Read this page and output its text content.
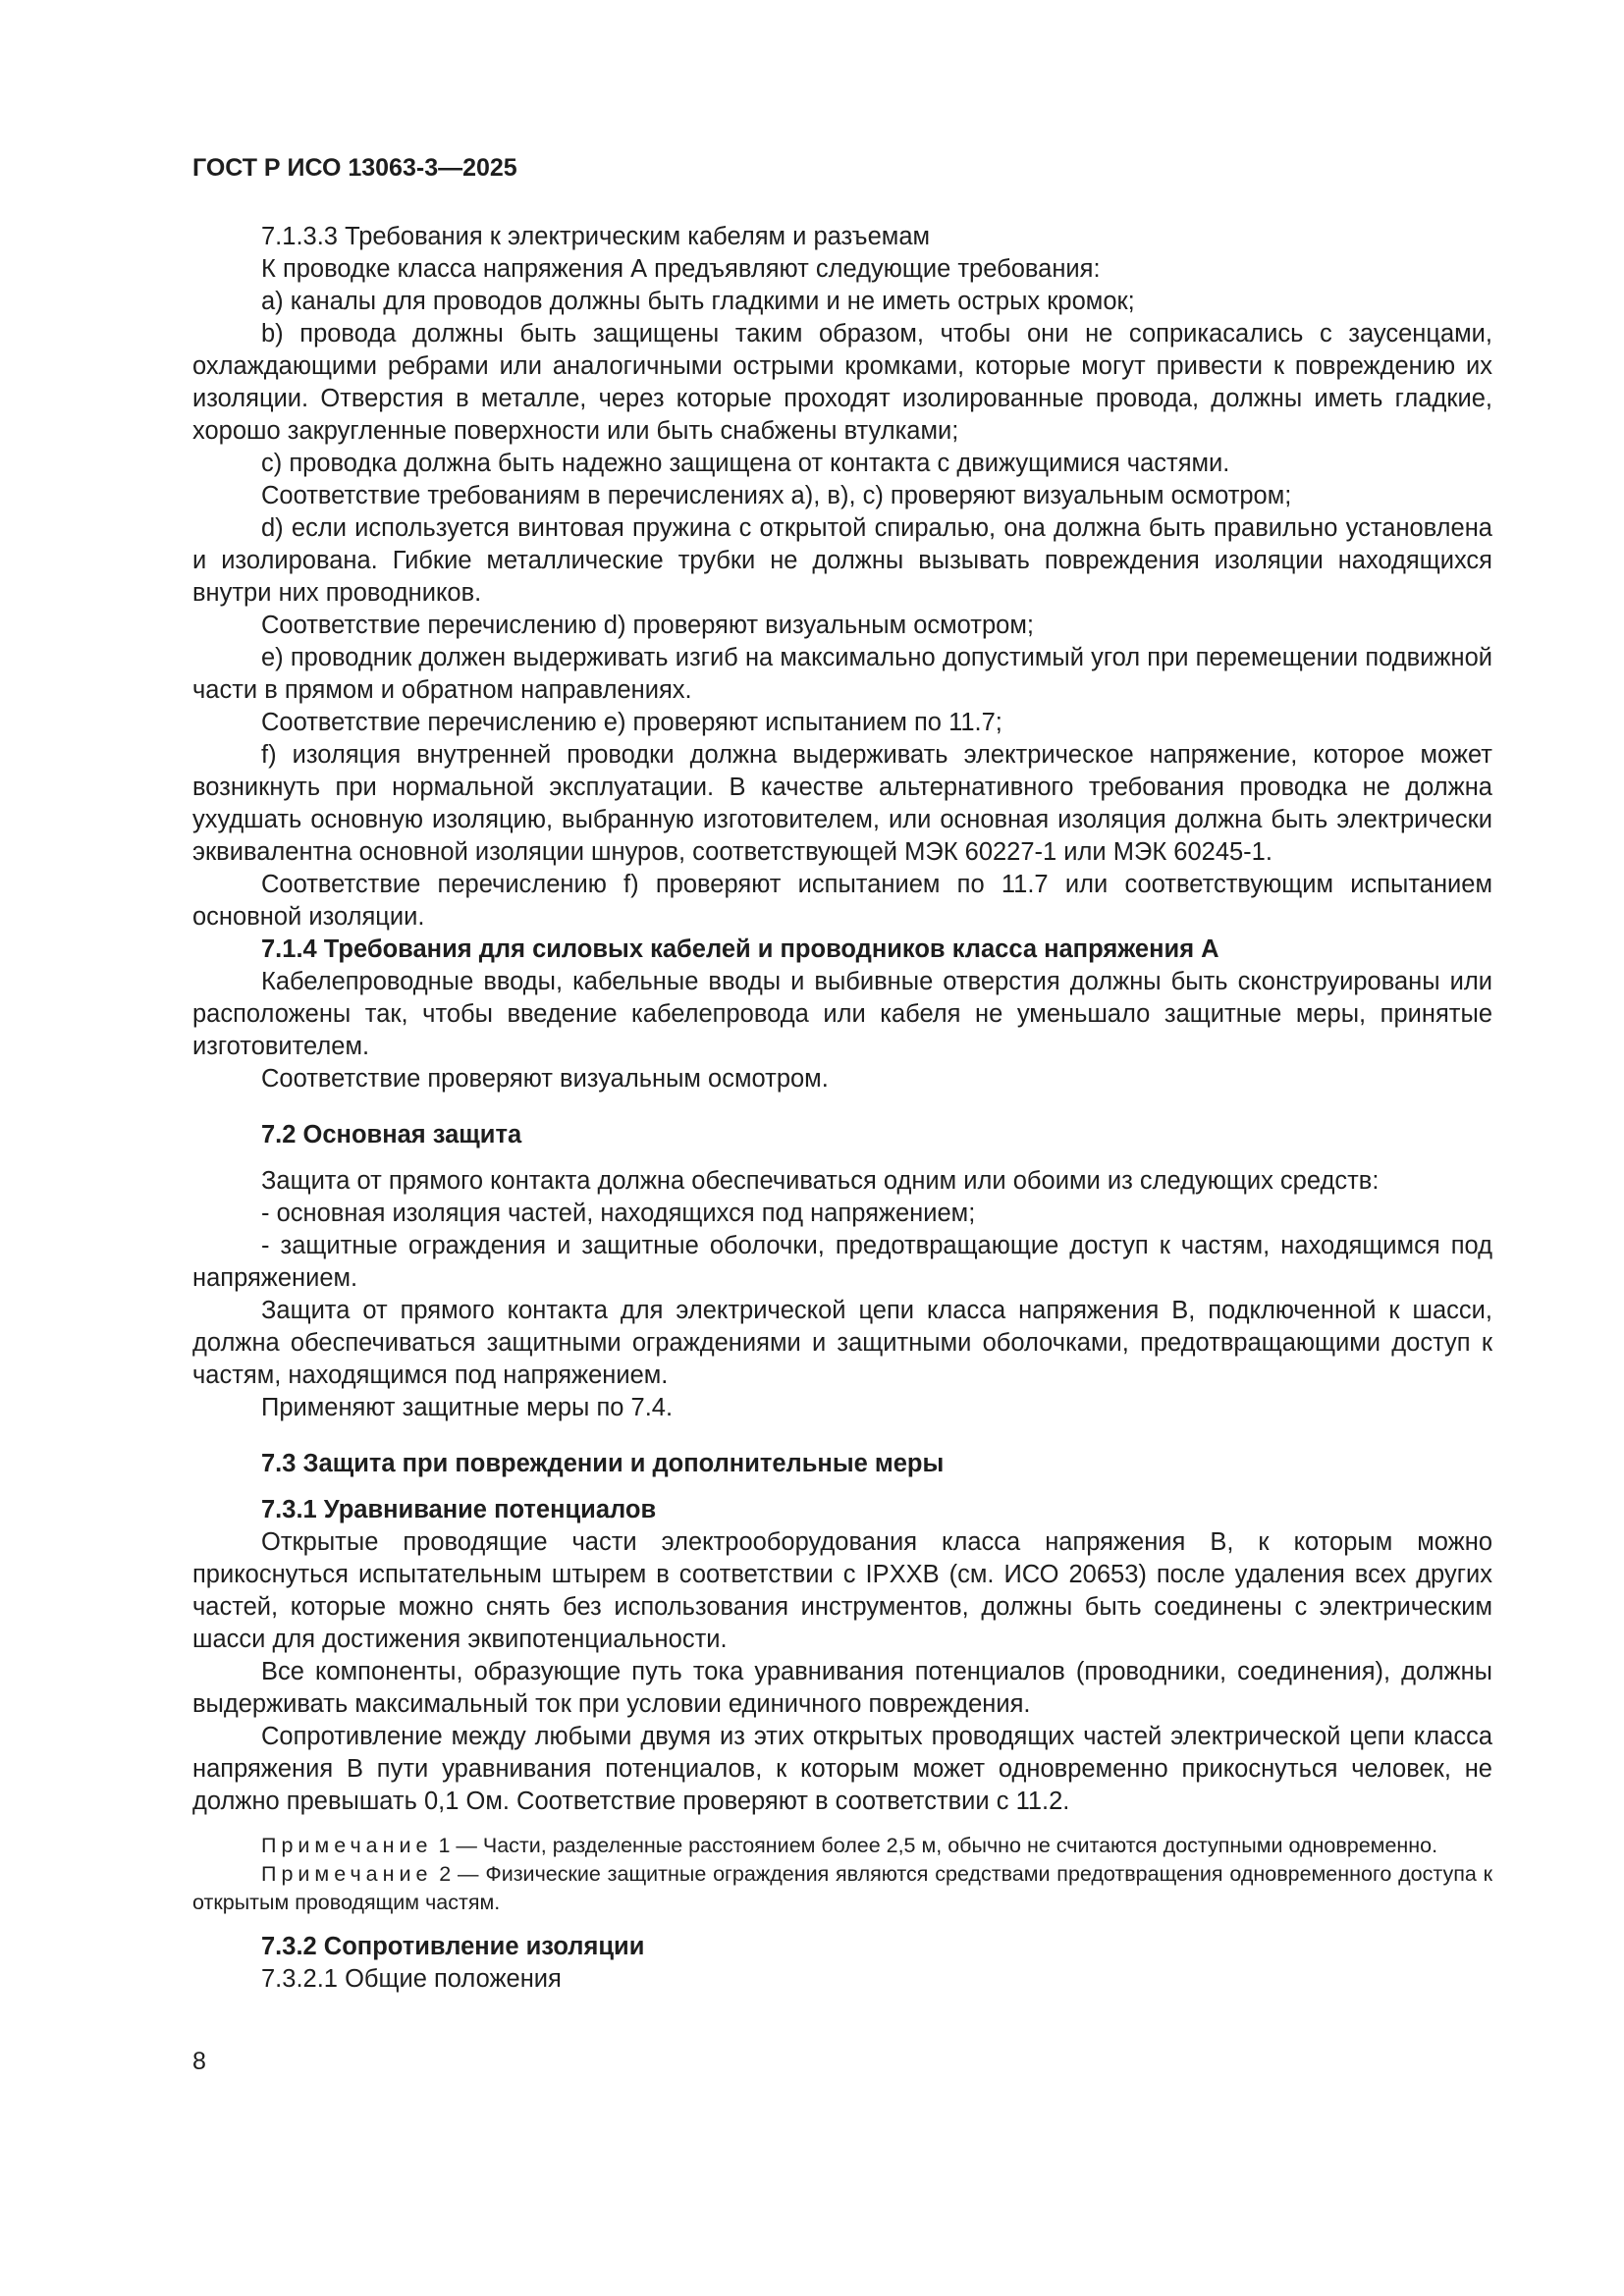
ГОСТ Р ИСО 13063-3—2025

7.1.3.3 Требования к электрическим кабелям и разъемам

К проводке класса напряжения А предъявляют следующие требования:

a) каналы для проводов должны быть гладкими и не иметь острых кромок;

b) провода должны быть защищены таким образом, чтобы они не соприкасались с заусенцами, охлаждающими ребрами или аналогичными острыми кромками, которые могут привести к повреждению их изоляции. Отверстия в металле, через которые проходят изолированные провода, должны иметь гладкие, хорошо закругленные поверхности или быть снабжены втулками;

c) проводка должна быть надежно защищена от контакта с движущимися частями.

Соответствие требованиям в перечислениях a), в), c) проверяют визуальным осмотром;

d) если используется винтовая пружина с открытой спиралью, она должна быть правильно установлена и изолирована. Гибкие металлические трубки не должны вызывать повреждения изоляции находящихся внутри них проводников.

Соответствие перечислению d) проверяют визуальным осмотром;

e) проводник должен выдерживать изгиб на максимально допустимый угол при перемещении подвижной части в прямом и обратном направлениях.

Соответствие перечислению e) проверяют испытанием по 11.7;

f) изоляция внутренней проводки должна выдерживать электрическое напряжение, которое может возникнуть при нормальной эксплуатации. В качестве альтернативного требования проводка не должна ухудшать основную изоляцию, выбранную изготовителем, или основная изоляция должна быть электрически эквивалентна основной изоляции шнуров, соответствующей МЭК 60227-1 или МЭК 60245-1.

Соответствие перечислению f) проверяют испытанием по 11.7 или соответствующим испытанием основной изоляции.

7.1.4 Требования для силовых кабелей и проводников класса напряжения А

Кабелепроводные вводы, кабельные вводы и выбивные отверстия должны быть сконструированы или расположены так, чтобы введение кабелепровода или кабеля не уменьшало защитные меры, принятые изготовителем.

Соответствие проверяют визуальным осмотром.

7.2 Основная защита

Защита от прямого контакта должна обеспечиваться одним или обоими из следующих средств:

- основная изоляция частей, находящихся под напряжением;

- защитные ограждения и защитные оболочки, предотвращающие доступ к частям, находящимся под напряжением.

Защита от прямого контакта для электрической цепи класса напряжения В, подключенной к шасси, должна обеспечиваться защитными ограждениями и защитными оболочками, предотвращающими доступ к частям, находящимся под напряжением.

Применяют защитные меры по 7.4.

7.3 Защита при повреждении и дополнительные меры

7.3.1 Уравнивание потенциалов

Открытые проводящие части электрооборудования класса напряжения В, к которым можно прикоснуться испытательным штырем в соответствии с IPXXB (см. ИСО 20653) после удаления всех других частей, которые можно снять без использования инструментов, должны быть соединены с электрическим шасси для достижения эквипотенциальности.

Все компоненты, образующие путь тока уравнивания потенциалов (проводники, соединения), должны выдерживать максимальный ток при условии единичного повреждения.

Сопротивление между любыми двумя из этих открытых проводящих частей электрической цепи класса напряжения В пути уравнивания потенциалов, к которым может одновременно прикоснуться человек, не должно превышать 0,1 Ом. Соответствие проверяют в соответствии с 11.2.

Примечание 1 — Части, разделенные расстоянием более 2,5 м, обычно не считаются доступными одновременно.

Примечание 2 — Физические защитные ограждения являются средствами предотвращения одновременного доступа к открытым проводящим частям.

7.3.2 Сопротивление изоляции

7.3.2.1 Общие положения

8
